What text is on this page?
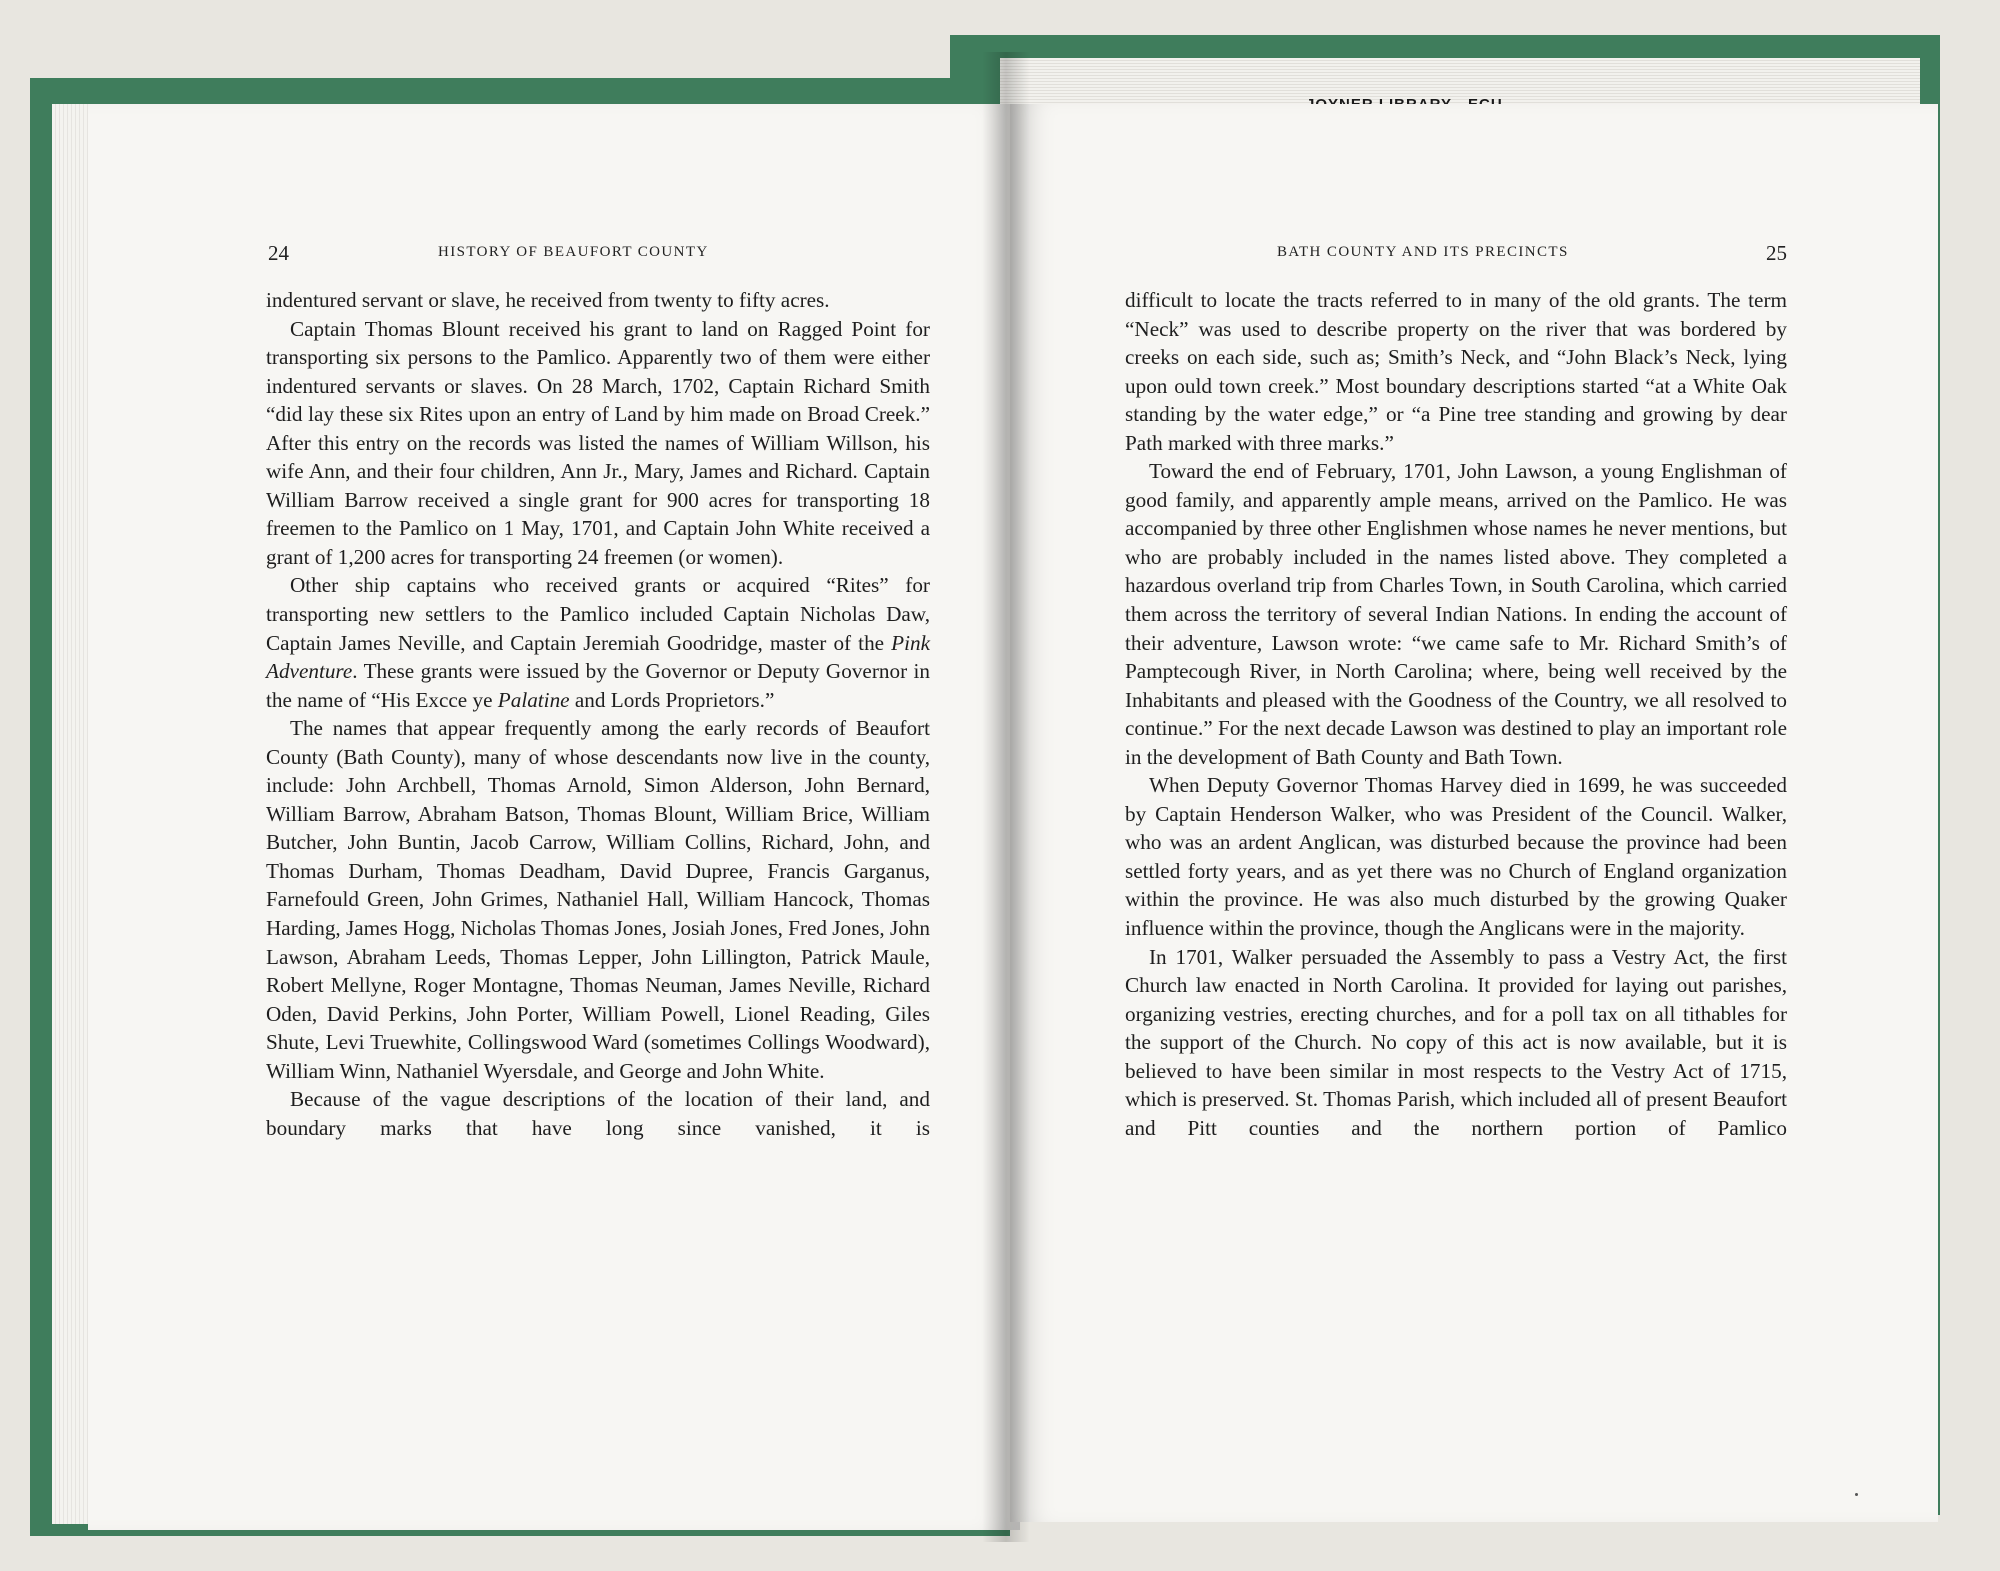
24	HISTORY OF BEAUFORT COUNTY	BATH COUNTY AND ITS PRECINCTS	25

indentured servant or slave, he received from twenty to fifty acres.

Captain Thomas Blount received his grant to land on Ragged Point for transporting six persons to the Pamlico. Apparently two of them were either indentured servants or slaves. On 28 March, 1702, Captain Richard Smith “did lay these six Rites upon an entry of Land by him made on Broad Creek.” After this entry on the records was listed the names of William Willson, his wife Ann, and their four children, Ann Jr., Mary, James and Richard. Captain William Barrow received a single grant for 900 acres for transporting 18 freemen to the Pamlico on 1 May, 1701, and Captain John White received a grant of 1,200 acres for transporting 24 freemen (or women).

Other ship captains who received grants or acquired “Rites” for transporting new settlers to the Pamlico included Captain Nicholas Daw, Captain James Neville, and Captain Jeremiah Goodridge, master of the Pink Adventure. These grants were issued by the Governor or Deputy Governor in the name of “His Excce ye Palatine and Lords Proprietors.”

The names that appear frequently among the early records of Beaufort County (Bath County), many of whose descendants now live in the county, include: John Archbell, Thomas Arnold, Simon Alderson, John Bernard, William Barrow, Abraham Batson, Thomas Blount, William Brice, William Butcher, John Buntin, Jacob Carrow, William Collins, Richard, John, and Thomas Durham, Thomas Deadham, David Dupree, Francis Garganus, Farnefould Green, John Grimes, Nathaniel Hall, William Hancock, Thomas Harding, James Hogg, Nicholas Thomas Jones, Josiah Jones, Fred Jones, John Lawson, Abraham Leeds, Thomas Lepper, John Lillington, Patrick Maule, Robert Mellyne, Roger Montagne, Thomas Neuman, James Neville, Richard Oden, David Perkins, John Porter, William Powell, Lionel Reading, Giles Shute, Levi Truewhite, Collingswood Ward (sometimes Collings Woodward), William Winn, Nathaniel Wyersdale, and George and John White.

Because of the vague descriptions of the location of their land, and boundary marks that have long since vanished, it is

difficult to locate the tracts referred to in many of the old grants. The term “Neck” was used to describe property on the river that was bordered by creeks on each side, such as; Smith’s Neck, and “John Black’s Neck, lying upon ould town creek.” Most boundary descriptions started “at a White Oak standing by the water edge,” or “a Pine tree standing and growing by dear Path marked with three marks.”

Toward the end of February, 1701, John Lawson, a young Englishman of good family, and apparently ample means, arrived on the Pamlico. He was accompanied by three other Englishmen whose names he never mentions, but who are probably included in the names listed above. They completed a hazardous overland trip from Charles Town, in South Carolina, which carried them across the territory of several Indian Nations. In ending the account of their adventure, Lawson wrote: “we came safe to Mr. Richard Smith’s of Pamptecough River, in North Carolina; where, being well received by the Inhabitants and pleased with the Goodness of the Country, we all resolved to continue.” For the next decade Lawson was destined to play an important role in the development of Bath County and Bath Town.

When Deputy Governor Thomas Harvey died in 1699, he was succeeded by Captain Henderson Walker, who was President of the Council. Walker, who was an ardent Anglican, was disturbed because the province had been settled forty years, and as yet there was no Church of England organization within the province. He was also much disturbed by the growing Quaker influence within the province, though the Anglicans were in the majority.

In 1701, Walker persuaded the Assembly to pass a Vestry Act, the first Church law enacted in North Carolina. It provided for laying out parishes, organizing vestries, erecting churches, and for a poll tax on all tithables for the support of the Church. No copy of this act is now available, but it is believed to have been similar in most respects to the Vestry Act of 1715, which is preserved. St. Thomas Parish, which included all of present Beaufort and Pitt counties and the northern portion of Pamlico
